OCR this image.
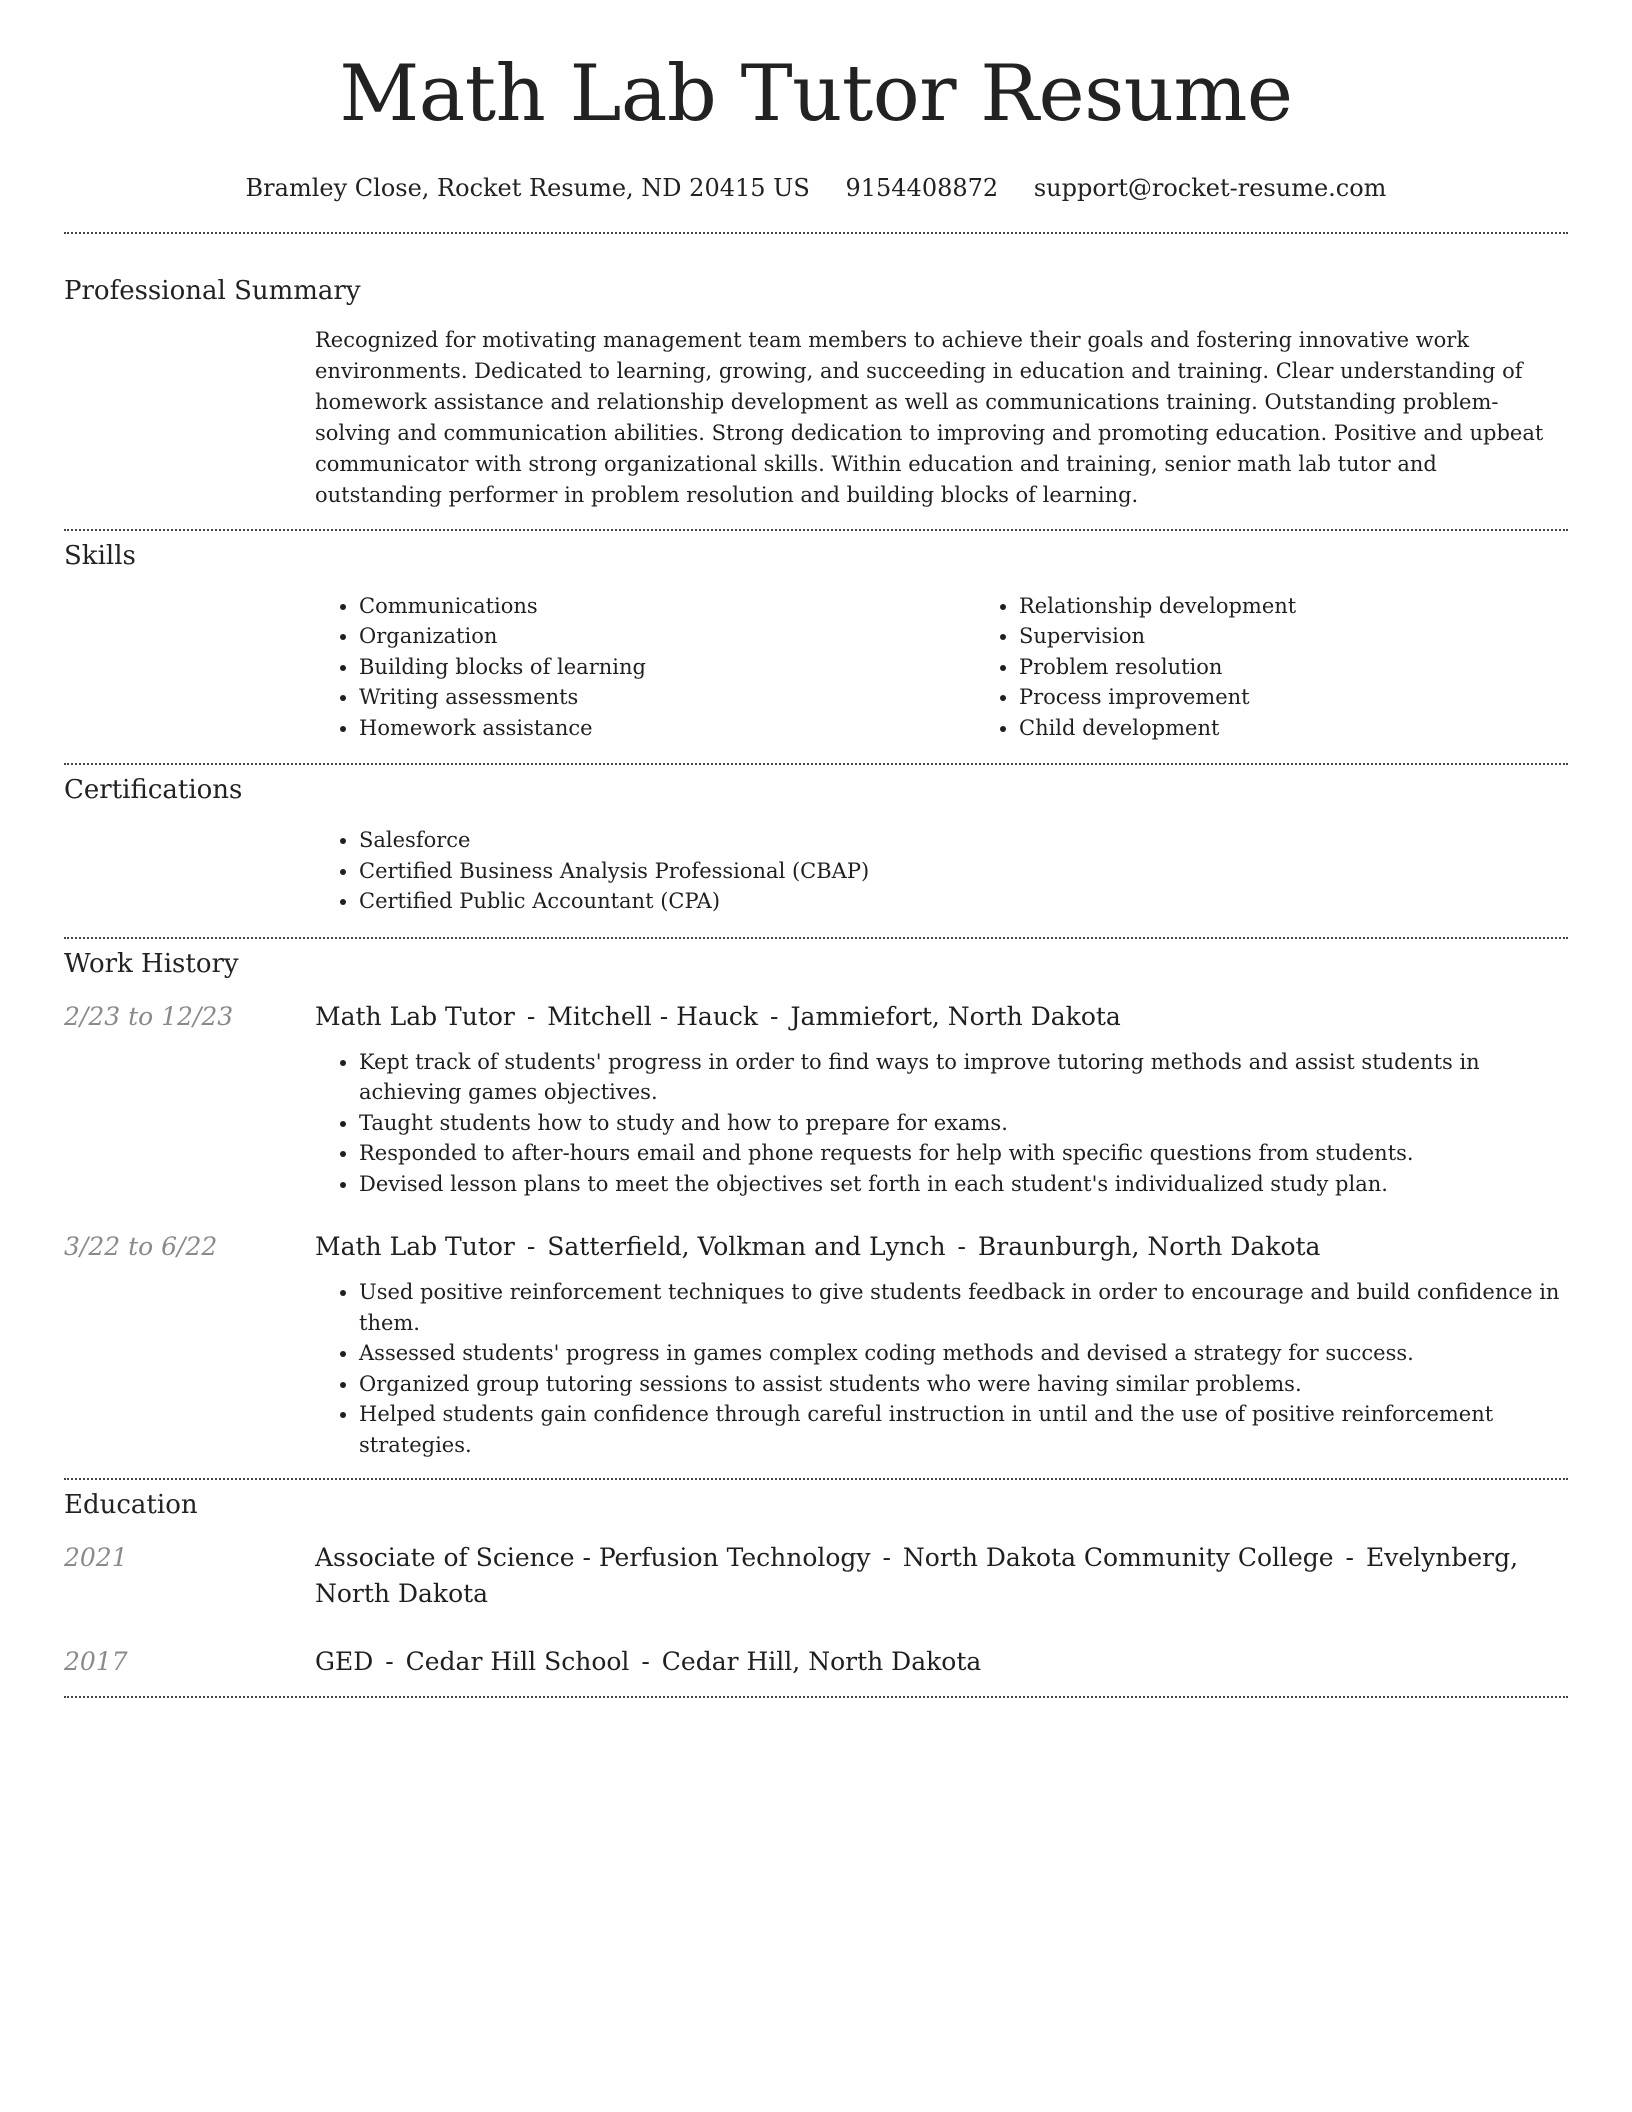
Math Lab Tutor Resume
Bramley Close, Rocket Resume, ND 20415 US 9154408872 support@rocket-resume.com
Professional Summary

Recognized for motivating management team members to achieve their goals and fostering innovative work environments. Dedicated to learning, growing, and succeeding in education and training. Clear understanding of homework assistance and relationship development as well as communications training. Outstanding problem-solving and communication abilities. Strong dedication to improving and promoting education. Positive and upbeat communicator with strong organizational skills. Within education and training, senior math lab tutor and outstanding performer in problem resolution and building blocks of learning.

Skills
• Communications
• Organization
• Building blocks of learning
• Writing assessments
• Homework assistance
• Relationship development
• Supervision
• Problem resolution
• Process improvement
• Child development
Certifications
• Salesforce
• Certified Business Analysis Professional (CBAP)
• Certified Public Accountant (CPA)
Work History
2/23 to 12/23	Math Lab Tutor - Mitchell - Hauck - Jammiefort, North Dakota
• Kept track of students' progress in order to find ways to improve tutoring methods and assist students in achieving games objectives.
• Taught students how to study and how to prepare for exams.
• Responded to after-hours email and phone requests for help with specific questions from students.
• Devised lesson plans to meet the objectives set forth in each student's individualized study plan.
3/22 to 6/22	Math Lab Tutor - Satterfield, Volkman and Lynch - Braunburgh, North Dakota
• Used positive reinforcement techniques to give students feedback in order to encourage and build confidence in them.
• Assessed students' progress in games complex coding methods and devised a strategy for success.
• Organized group tutoring sessions to assist students who were having similar problems.
• Helped students gain confidence through careful instruction in until and the use of positive reinforcement strategies.
Education
2021	Associate of Science - Perfusion Technology - North Dakota Community College - Evelynberg, North Dakota
2017	GED - Cedar Hill School - Cedar Hill, North Dakota
